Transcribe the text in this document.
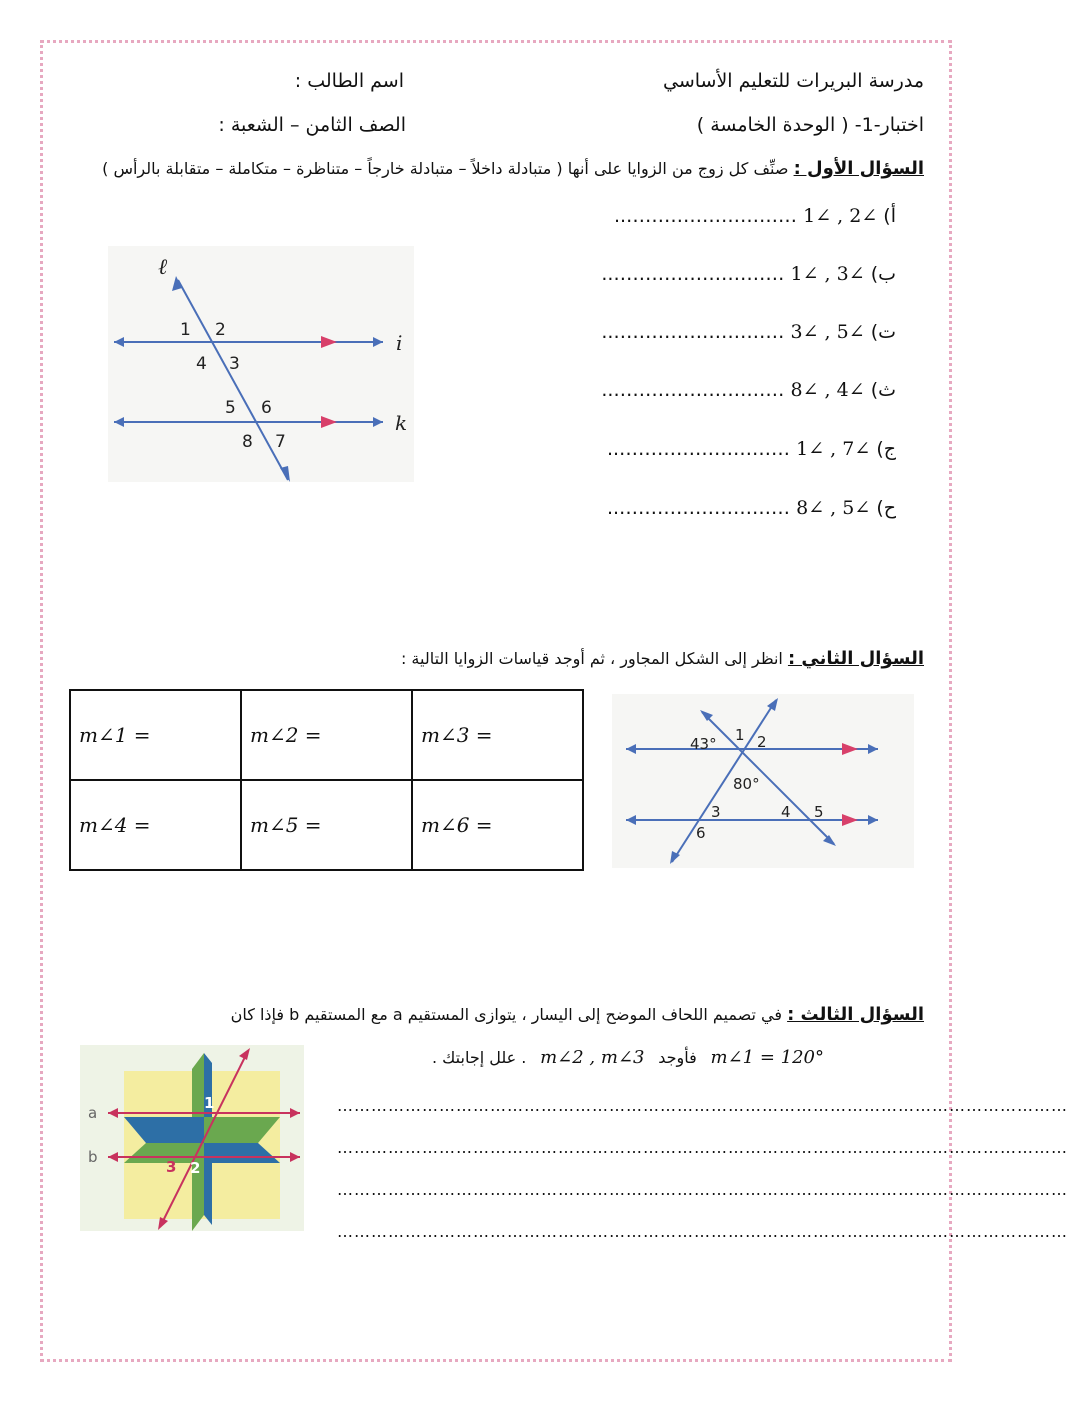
مدرسة البريرات للتعليم الأساسي
اسم الطالب :
اختبار-1- ( الوحدة الخامسة )
الصف الثامن – الشعبة :
السؤال الأول : صنِّف كل زوج من الزوايا على أنها ( متبادلة داخلاً – متبادلة خارجاً – متناظرة – متكاملة – متقابلة بالرأس )
أ) ∠2 , ∠1 ………………………..
ب) ∠3 , ∠1 ………………………..
ت) ∠5 , ∠3 ………………………..
ث) ∠4 , ∠8 ………………………..
ج) ∠7 , ∠1 ………………………..
ح) ∠5 , ∠8 ………………………..
ℓ
i
k
1 2
3
4
5 6
7
8
السؤال الثاني : انظر إلى الشكل المجاور ، ثم أوجد قياسات الزوايا التالية :
m∠1 =	m∠2 =	m∠3 =
m∠4 =	m∠5 =	m∠6 =
43°
80°
1 2
3	4 5
6
السؤال الثالث : في تصميم اللحاف الموضح إلى اليسار ، يتوازى المستقيم a مع المستقيم b فإذا كان
. علل إجابتك . m∠2 , m∠3 فأوجد m∠1 = 120°
…………………………………………………………………………………………………………………
…………………………………………………………………………………………………………………
…………………………………………………………………………………………………………………
…………………………………………………………………………………………………………………
a
b
1
2
3
